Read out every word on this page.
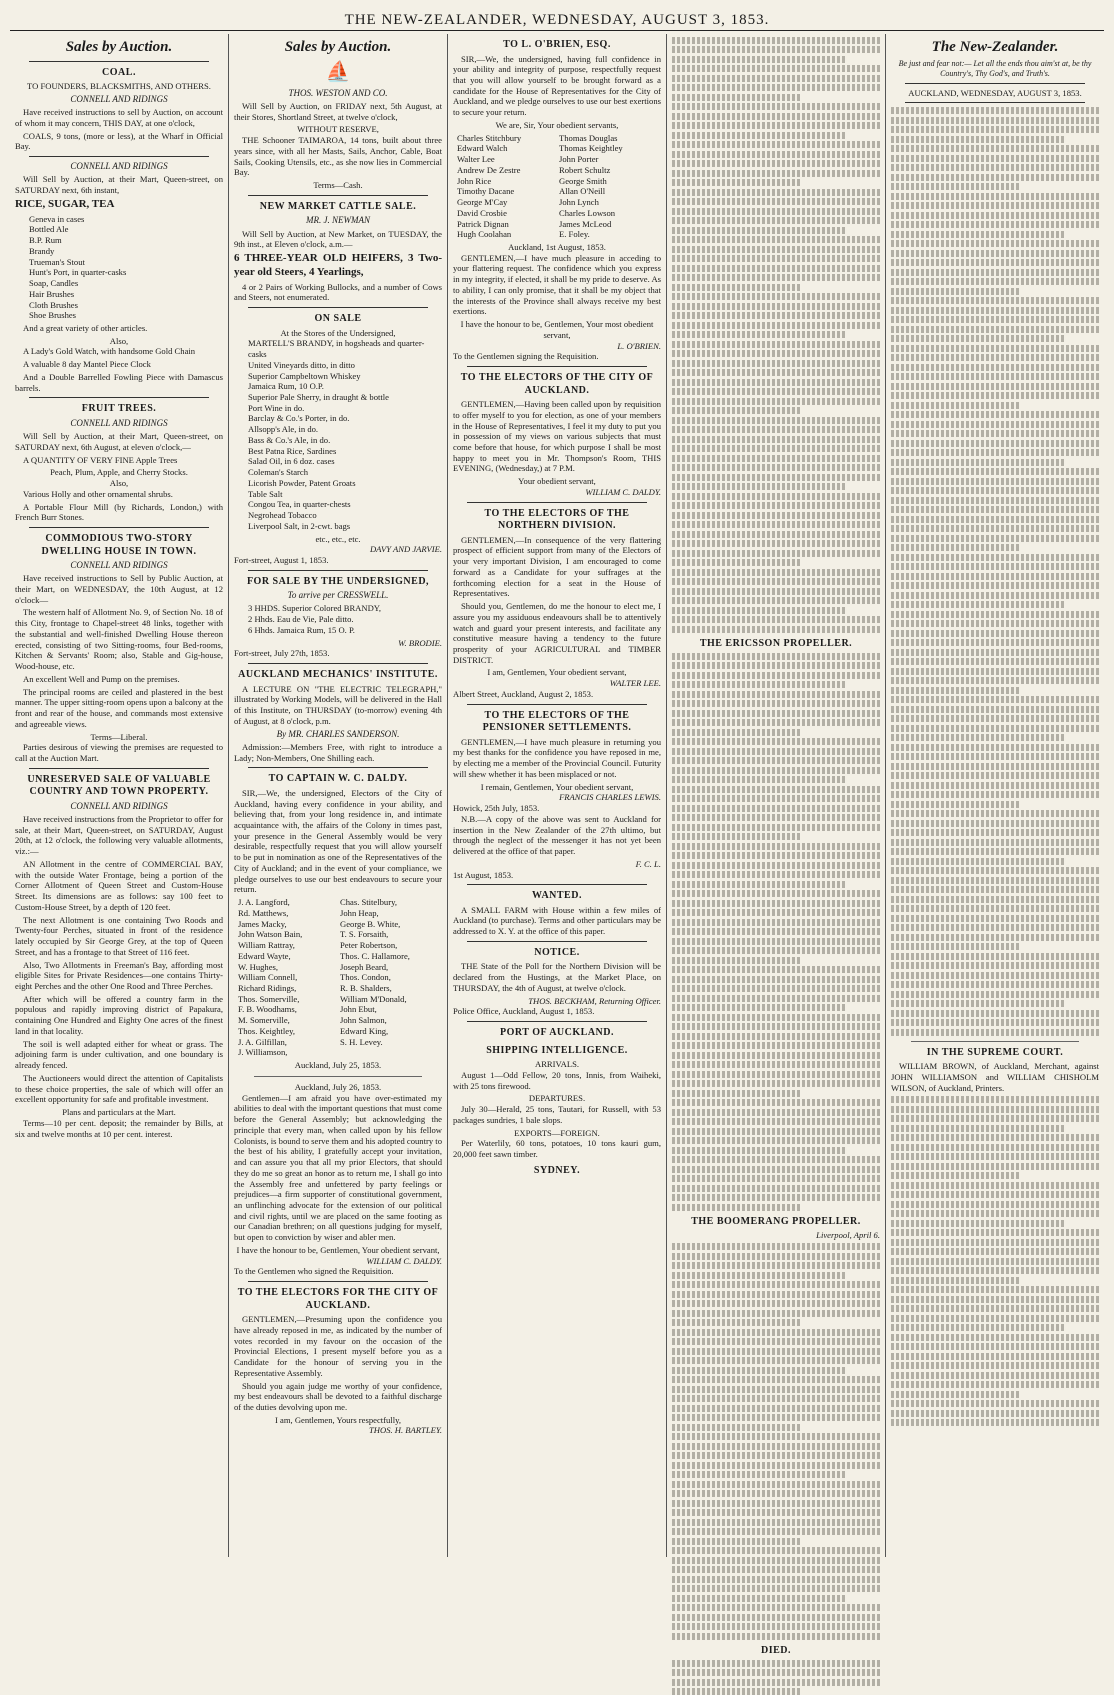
THE NEW-ZEALANDER, WEDNESDAY, AUGUST 3, 1853.
Sales by Auction.
COAL.
TO FOUNDERS, BLACKSMITHS, AND OTHERS.
CONNELL AND RIDINGS

Have received instructions to sell by Auction, on account of whom it may concern, THIS DAY, at one o'clock,

COALS, 9 tons, (more or less), at the Wharf in Official Bay.

CONNELL AND RIDINGS

Will Sell by Auction, at their Mart, Queen-street, on SATURDAY next, 6th instant,

RICE, SUGAR, TEA

Geneva in cases
Bottled Ale
B.P. Rum
Brandy
Trueman's Stout
Hunt's Port, in quarter-casks
Soap, Candles
Hair Brushes
Cloth Brushes
Shoe Brushes

And a great variety of other articles.

Also,

A Lady's Gold Watch, with handsome Gold Chain

A valuable 8 day Mantel Piece Clock

And a Double Barrelled Fowling Piece with Damascus barrels.

FRUIT TREES.
CONNELL AND RIDINGS

Will Sell by Auction, at their Mart, Queen-street, on SATURDAY next, 6th August, at eleven o'clock,—

A QUANTITY OF VERY FINE Apple Trees

Peach, Plum, Apple, and Cherry Stocks.
Also,

Various Holly and other ornamental shrubs.

A Portable Flour Mill (by Richards, London,) with French Burr Stones.

COMMODIOUS TWO-STORY DWELLING HOUSE IN TOWN.
CONNELL AND RIDINGS

Have received instructions to Sell by Public Auction, at their Mart, on WEDNESDAY, the 10th August, at 12 o'clock—

The western half of Allotment No. 9, of Section No. 18 of this City, frontage to Chapel-street 48 links, together with the substantial and well-finished Dwelling House thereon erected, consisting of two Sitting-rooms, four Bed-rooms, Kitchen & Servants' Room; also, Stable and Gig-house, Wood-house, etc.

An excellent Well and Pump on the premises.

The principal rooms are ceiled and plastered in the best manner. The upper sitting-room opens upon a balcony at the front and rear of the house, and commands most extensive and agreeable views.

Terms—Liberal.

Parties desirous of viewing the premises are requested to call at the Auction Mart.

UNRESERVED SALE OF VALUABLE COUNTRY AND TOWN PROPERTY.
CONNELL AND RIDINGS

Have received instructions from the Proprietor to offer for sale, at their Mart, Queen-street, on SATURDAY, August 20th, at 12 o'clock, the following very valuable allotments, viz.:—

AN Allotment in the centre of COMMERCIAL BAY, with the outside Water Frontage, being a portion of the Corner Allotment of Queen Street and Custom-House Street. Its dimensions are as follows: say 100 feet to Custom-House Street, by a depth of 120 feet.

The next Allotment is one containing Two Roods and Twenty-four Perches, situated in front of the residence lately occupied by Sir George Grey, at the top of Queen Street, and has a frontage to that Street of 116 feet.

Also, Two Allotments in Freeman's Bay, affording most eligible Sites for Private Residences—one contains Thirty-eight Perches and the other One Rood and Three Perches.

After which will be offered a country farm in the populous and rapidly improving district of Papakura, containing One Hundred and Eighty One acres of the finest land in that locality.

The soil is well adapted either for wheat or grass. The adjoining farm is under cultivation, and one boundary is already fenced.

The Auctioneers would direct the attention of Capitalists to these choice properties, the sale of which will offer an excellent opportunity for safe and profitable investment.

Plans and particulars at the Mart.

Terms—10 per cent. deposit; the remainder by Bills, at six and twelve months at 10 per cent. interest.

Sales by Auction.
⛵
THOS. WESTON AND CO.

Will Sell by Auction, on FRIDAY next, 5th August, at their Stores, Shortland Street, at twelve o'clock,

WITHOUT RESERVE,

THE Schooner TAIMAROA, 14 tons, built about three years since, with all her Masts, Sails, Anchor, Cable, Boat Sails, Cooking Utensils, etc., as she now lies in Commercial Bay.

Terms—Cash.
NEW MARKET CATTLE SALE.
MR. J. NEWMAN

Will Sell by Auction, at New Market, on TUESDAY, the 9th inst., at Eleven o'clock, a.m.—

6 THREE-YEAR OLD HEIFERS, 3 Two-year old Steers, 4 Yearlings,

4 or 2 Pairs of Working Bullocks, and a number of Cows and Steers, not enumerated.

ON SALE
At the Stores of the Undersigned,
MARTELL'S BRANDY, in hogsheads and quarter-casks
United Vineyards ditto, in ditto
Superior Campbeltown Whiskey
Jamaica Rum, 10 O.P.
Superior Pale Sherry, in draught & bottle
Port Wine in do.
Barclay & Co.'s Porter, in do.
Allsopp's Ale, in do.
Bass & Co.'s Ale, in do.
Best Patna Rice, Sardines
Salad Oil, in 6 doz. cases
Coleman's Starch
Licorish Powder, Patent Groats
Table Salt
Congou Tea, in quarter-chests
Negrohead Tobacco
Liverpool Salt, in 2-cwt. bags
etc., etc., etc.
DAVY AND JARVIE.
Fort-street, August 1, 1853.
FOR SALE BY THE UNDERSIGNED,
To arrive per CRESSWELL.
3 HHDS. Superior Colored BRANDY,
2 Hhds. Eau de Vie, Pale ditto.
6 Hhds. Jamaica Rum, 15 O. P.
W. BRODIE.
Fort-street, July 27th, 1853.
AUCKLAND MECHANICS' INSTITUTE.

A LECTURE ON "THE ELECTRIC TELEGRAPH," illustrated by Working Models, will be delivered in the Hall of this Institute, on THURSDAY (to-morrow) evening 4th of August, at 8 o'clock, p.m.

By MR. CHARLES SANDERSON.

Admission:—Members Free, with right to introduce a Lady; Non-Members, One Shilling each.

TO CAPTAIN W. C. DALDY.

SIR,—We, the undersigned, Electors of the City of Auckland, having every confidence in your ability, and believing that, from your long residence in, and intimate acquaintance with, the affairs of the Colony in times past, your presence in the General Assembly would be very desirable, respectfully request that you will allow yourself to be put in nomination as one of the Representatives of the City of Auckland; and in the event of your compliance, we pledge ourselves to use our best endeavours to secure your return.

J. A. Langford,	Chas. Stitelbury,
Rd. Matthews,	John Heap,
James Macky,	George B. White,
John Watson Bain,	T. S. Forsaith,
William Rattray,	Peter Robertson,
Edward Wayte,	Thos. C. Hallamore,
W. Hughes,	Joseph Beard,
William Connell,	Thos. Condon,
Richard Ridings,	R. B. Shalders,
Thos. Somerville,	William M'Donald,
F. B. Woodhams,	John Ebut,
M. Somerville,	John Salmon,
Thos. Keightley,	Edward King,
J. A. Gilfillan,	S. H. Levey.
J. Williamson,
Auckland, July 25, 1853.
Auckland, July 26, 1853.

Gentlemen—I am afraid you have over-estimated my abilities to deal with the important questions that must come before the General Assembly; but acknowledging the principle that every man, when called upon by his fellow Colonists, is bound to serve them and his adopted country to the best of his ability, I gratefully accept your invitation, and can assure you that all my prior Electors, that should they do me so great an honor as to return me, I shall go into the Assembly free and unfettered by party feelings or prejudices—a firm supporter of constitutional government, an unflinching advocate for the extension of our political and civil rights, until we are placed on the same footing as our Canadian brethren; on all questions judging for myself, but open to conviction by wiser and abler men.

I have the honour to be, Gentlemen, Your obedient servant,
WILLIAM C. DALDY.
To the Gentlemen who signed the Requisition.
TO THE ELECTORS FOR THE CITY OF AUCKLAND.

GENTLEMEN,—Presuming upon the confidence you have already reposed in me, as indicated by the number of votes recorded in my favour on the occasion of the Provincial Elections, I present myself before you as a Candidate for the honour of serving you in the Representative Assembly.

Should you again judge me worthy of your confidence, my best endeavours shall be devoted to a faithful discharge of the duties devolving upon me.

I am, Gentlemen, Yours respectfully,
THOS. H. BARTLEY.
TO L. O'BRIEN, ESQ.

SIR,—We, the undersigned, having full confidence in your ability and integrity of purpose, respectfully request that you will allow yourself to be brought forward as a candidate for the House of Representatives for the City of Auckland, and we pledge ourselves to use our best exertions to secure your return.

We are, Sir, Your obedient servants,
Charles Stitchbury	Thomas Douglas
Edward Walch	Thomas Keightley
Walter Lee	John Porter
Andrew De Zestre	Robert Schultz
John Rice	George Smith
Timothy Dacane	Allan O'Neill
George M'Cay	John Lynch
David Crosbie	Charles Lowson
Patrick Dignan	James McLeod
Hugh Coolahan	E. Foley.
Auckland, 1st August, 1853.

GENTLEMEN,—I have much pleasure in acceding to your flattering request. The confidence which you express in my integrity, if elected, it shall be my pride to deserve. As to ability, I can only promise, that it shall be my object that the interests of the Province shall always receive my best exertions.

I have the honour to be, Gentlemen, Your most obedient servant,
L. O'BRIEN.
To the Gentlemen signing the Requisition.
TO THE ELECTORS OF THE CITY OF AUCKLAND.

GENTLEMEN,—Having been called upon by requisition to offer myself to you for election, as one of your members in the House of Representatives, I feel it my duty to put you in possession of my views on various subjects that must come before that house, for which purpose I shall be most happy to meet you in Mr. Thompson's Room, THIS EVENING, (Wednesday,) at 7 P.M.

Your obedient servant,
WILLIAM C. DALDY.
TO THE ELECTORS OF THE NORTHERN DIVISION.

GENTLEMEN,—In consequence of the very flattering prospect of efficient support from many of the Electors of your very important Division, I am encouraged to come forward as a Candidate for your suffrages at the forthcoming election for a seat in the House of Representatives.

Should you, Gentlemen, do me the honour to elect me, I assure you my assiduous endeavours shall be to attentively watch and guard your present interests, and facilitate any constitutive measure having a tendency to the future prosperity of your AGRICULTURAL and TIMBER DISTRICT.

I am, Gentlemen, Your obedient servant,
WALTER LEE.
Albert Street, Auckland, August 2, 1853.
TO THE ELECTORS OF THE PENSIONER SETTLEMENTS.

GENTLEMEN,—I have much pleasure in returning you my best thanks for the confidence you have reposed in me, by electing me a member of the Provincial Council. Futurity will shew whether it has been misplaced or not.

I remain, Gentlemen, Your obedient servant,
FRANCIS CHARLES LEWIS.
Howick, 25th July, 1853.

N.B.—A copy of the above was sent to Auckland for insertion in the New Zealander of the 27th ultimo, but through the neglect of the messenger it has not yet been delivered at the office of that paper.

F. C. L.
1st August, 1853.
WANTED.

A SMALL FARM with House within a few miles of Auckland (to purchase). Terms and other particulars may be addressed to X. Y. at the office of this paper.

NOTICE.

THE State of the Poll for the Northern Division will be declared from the Hustings, at the Market Place, on THURSDAY, the 4th of August, at twelve o'clock.

THOS. BECKHAM, Returning Officer.
Police Office, Auckland, August 1, 1853.
PORT OF AUCKLAND.
SHIPPING INTELLIGENCE.
ARRIVALS.

August 1—Odd Fellow, 20 tons, Innis, from Waiheki, with 25 tons firewood.

DEPARTURES.

July 30—Herald, 25 tons, Tautari, for Russell, with 53 packages sundries, 1 bale slops.

EXPORTS—FOREIGN.

Per Waterlily, 60 tons, potatoes, 10 tons kauri gum, 20,000 feet sawn timber.

SYDNEY.
THE ERICSSON PROPELLER.
THE BOOMERANG PROPELLER.
Liverpool, April 6.
DIED.
The New-Zealander.
Be just and fear not:— Let all the ends thou aim'st at, be thy Country's, Thy God's, and Truth's.
AUCKLAND, WEDNESDAY, AUGUST 3, 1853.
IN THE SUPREME COURT.

WILLIAM BROWN, of Auckland, Merchant, against JOHN WILLIAMSON and WILLIAM CHISHOLM WILSON, of Auckland, Printers.
